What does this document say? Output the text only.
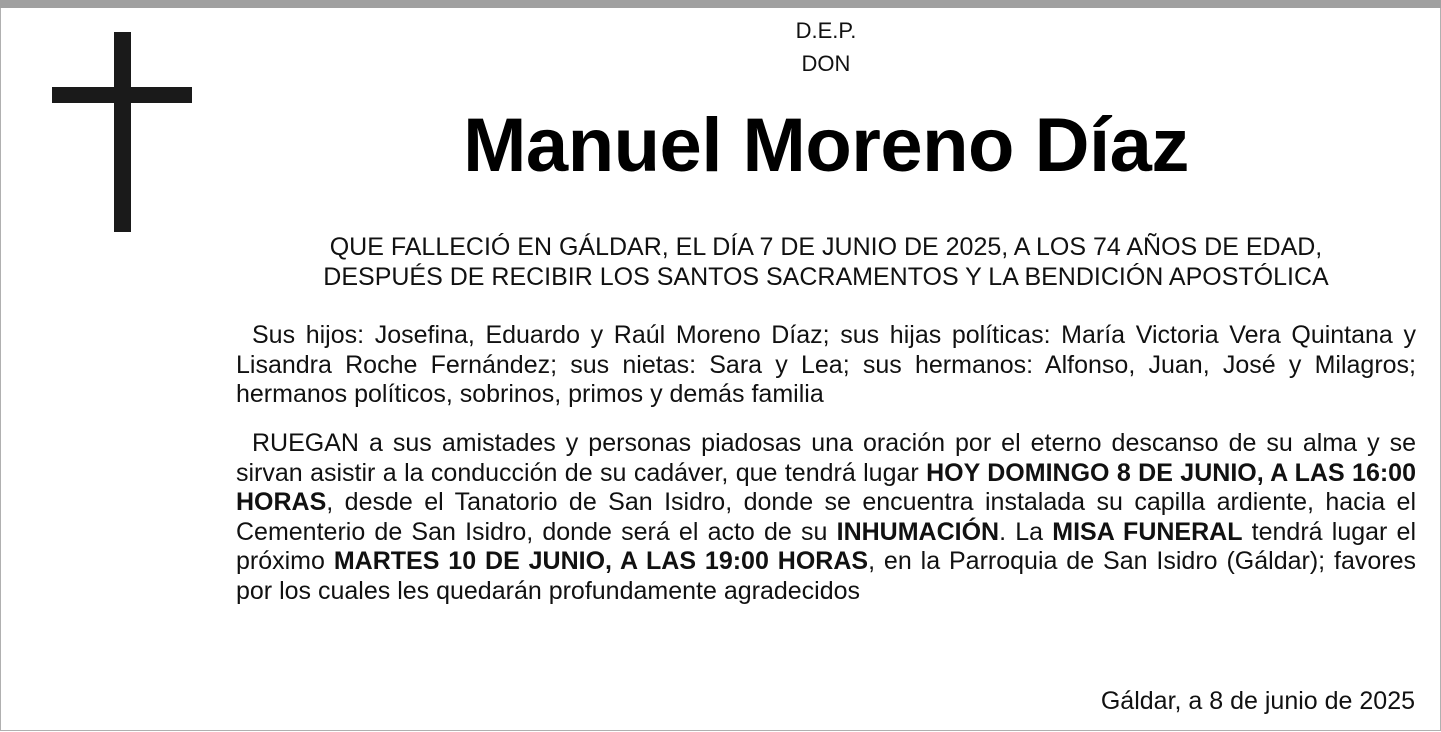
D.E.P.
DON
Manuel Moreno Díaz
QUE FALLECIÓ EN GÁLDAR, EL DÍA 7 DE JUNIO DE 2025, A LOS 74 AÑOS DE EDAD,
DESPUÉS DE RECIBIR LOS SANTOS SACRAMENTOS Y LA BENDICIÓN APOSTÓLICA
Sus hijos: Josefina, Eduardo y Raúl Moreno Díaz; sus hijas políticas: María Victoria Vera Quintana y Lisandra Roche Fernández; sus nietas: Sara y Lea; sus hermanos: Alfonso, Juan, José y Milagros; hermanos políticos, sobrinos, primos y demás familia
RUEGAN a sus amistades y personas piadosas una oración por el eterno descanso de su alma y se sirvan asistir a la conducción de su cadáver, que tendrá lugar HOY DOMINGO 8 DE JUNIO, A LAS 16:00 HORAS, desde el Tanatorio de San Isidro, donde se encuentra instalada su capilla ardiente, hacia el Cementerio de San Isidro, donde será el acto de su INHUMACIÓN. La MISA FUNERAL tendrá lugar el próximo MARTES 10 DE JUNIO, A LAS 19:00 HORAS, en la Parroquia de San Isidro (Gáldar); favores por los cuales les quedarán profundamente agradecidos
Gáldar, a 8 de junio de 2025
